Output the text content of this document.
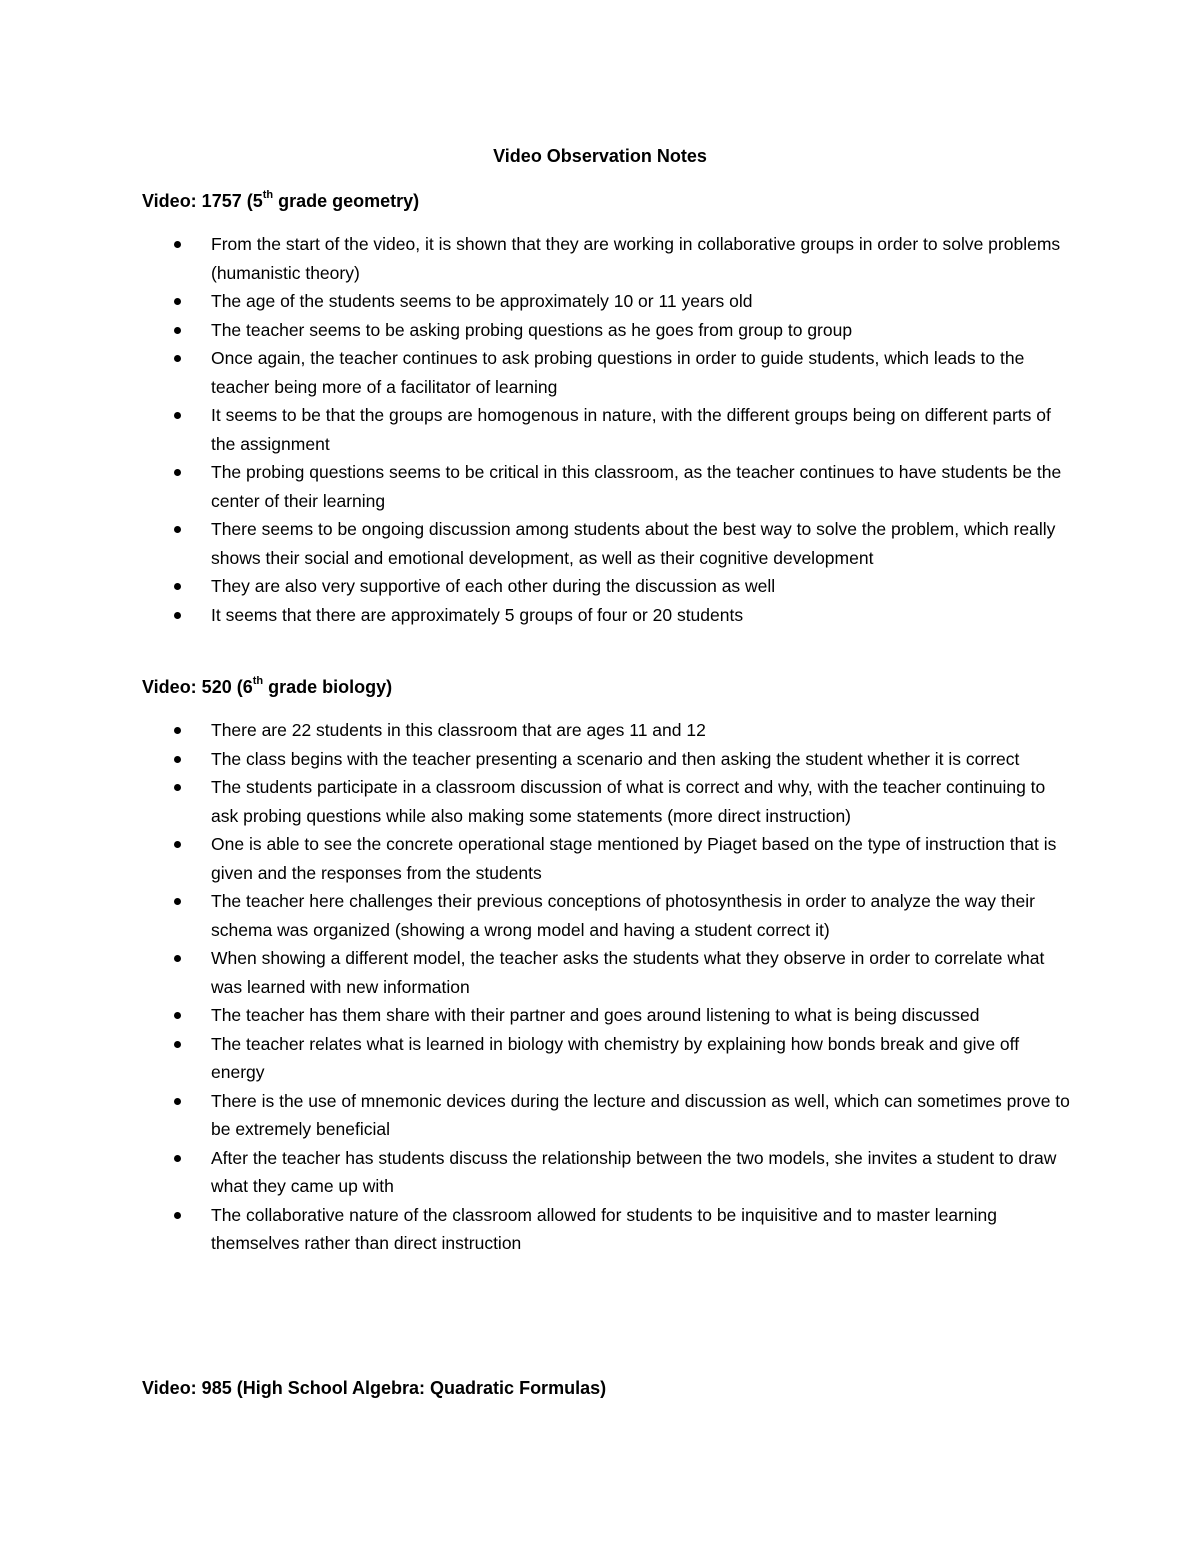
Video Observation Notes
Video: 1757 (5th grade geometry)
From the start of the video, it is shown that they are working in collaborative groups in order to solve problems (humanistic theory)
The age of the students seems to be approximately 10 or 11 years old
The teacher seems to be asking probing questions as he goes from group to group
Once again, the teacher continues to ask probing questions in order to guide students, which leads to the teacher being more of a facilitator of learning
It seems to be that the groups are homogenous in nature, with the different groups being on different parts of the assignment
The probing questions seems to be critical in this classroom, as the teacher continues to have students be the center of their learning
There seems to be ongoing discussion among students about the best way to solve the problem, which really shows their social and emotional development, as well as their cognitive development
They are also very supportive of each other during the discussion as well
It seems that there are approximately 5 groups of four or 20 students
Video: 520 (6th grade biology)
There are 22 students in this classroom that are ages 11 and 12
The class begins with the teacher presenting a scenario and then asking the student whether it is correct
The students participate in a classroom discussion of what is correct and why, with the teacher continuing to ask probing questions while also making some statements (more direct instruction)
One is able to see the concrete operational stage mentioned by Piaget based on the type of instruction that is given and the responses from the students
The teacher here challenges their previous conceptions of photosynthesis in order to analyze the way their schema was organized (showing a wrong model and having a student correct it)
When showing a different model, the teacher asks the students what they observe in order to correlate what was learned with new information
The teacher has them share with their partner and goes around listening to what is being discussed
The teacher relates what is learned in biology with chemistry by explaining how bonds break and give off energy
There is the use of mnemonic devices during the lecture and discussion as well, which can sometimes prove to be extremely beneficial
After the teacher has students discuss the relationship between the two models, she invites a student to draw what they came up with
The collaborative nature of the classroom allowed for students to be inquisitive and to master learning themselves rather than direct instruction
Video: 985 (High School Algebra: Quadratic Formulas)
